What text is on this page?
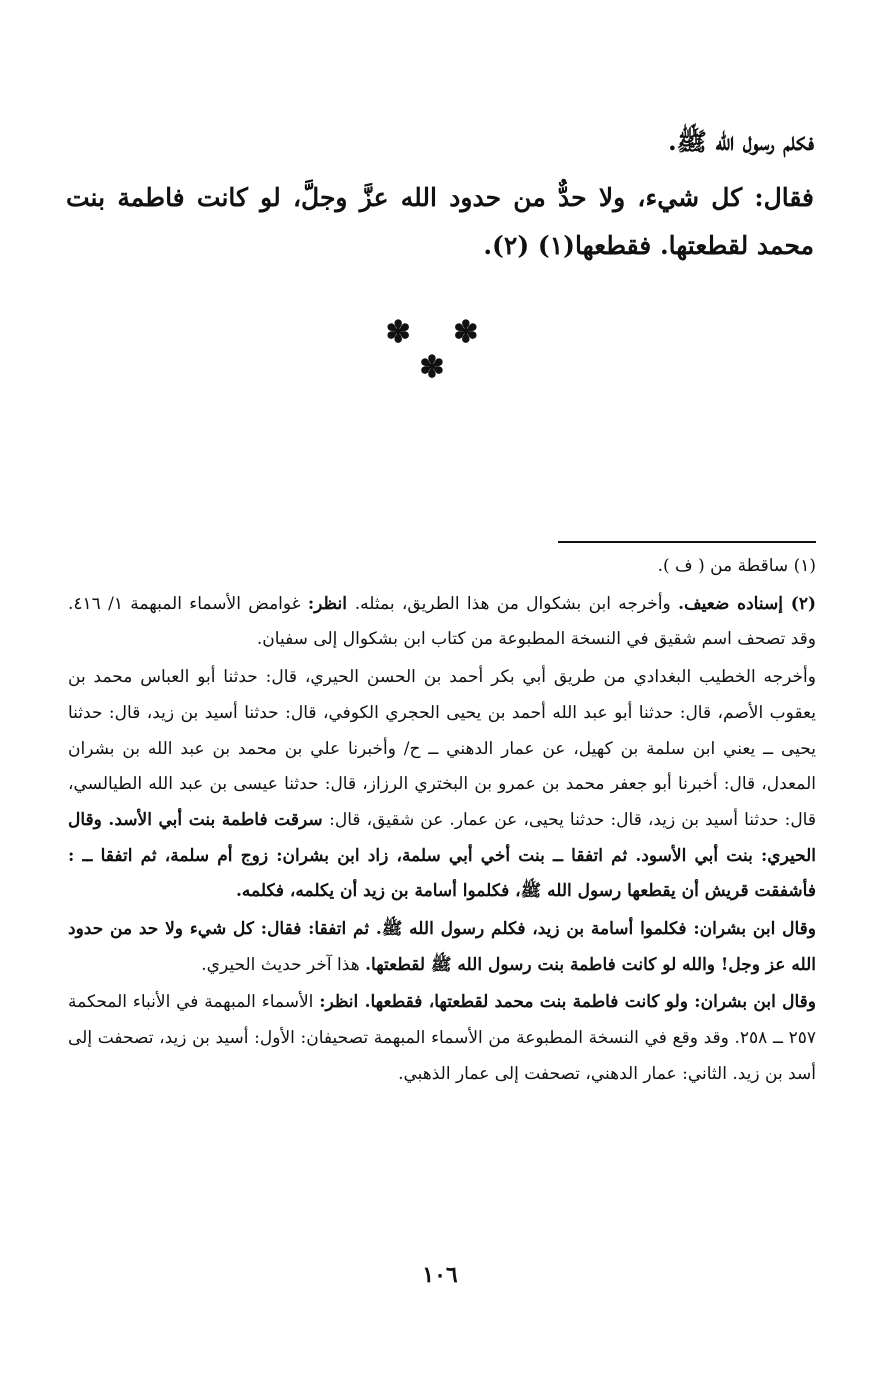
فكلم رسول الله ﷺ.

فقال: كل شيء، ولا حدٌّ من حدود الله عزَّ وجلَّ، لو كانت فاطمة بنت محمد لقطعتها. فقطعها(١) (٢).

✽ ✽ ✽

(١) ساقطة من ( ف ).

(٢) إسناده ضعيف. وأخرجه ابن بشكوال من هذا الطريق، بمثله. انظر: غوامض الأسماء المبهمة ١/ ٤١٦. وقد تصحف اسم شقيق في النسخة المطبوعة من كتاب ابن بشكوال إلى سفيان.

وأخرجه الخطيب البغدادي من طريق أبي بكر أحمد بن الحسن الحيري، قال: حدثنا أبو العباس محمد بن يعقوب الأصم، قال: حدثنا أبو عبد الله أحمد بن يحيى الحجري الكوفي، قال: حدثنا أسيد بن زيد، قال: حدثنا يحيى ــ يعني ابن سلمة بن كهيل، عن عمار الدهني ــ ح/ وأخبرنا علي بن محمد بن عبد الله بن بشران المعدل، قال: أخبرنا أبو جعفر محمد بن عمرو بن البختري الرزاز، قال: حدثنا عيسى بن عبد الله الطيالسي، قال: حدثنا أسيد بن زيد، قال: حدثنا يحيى، عن عمار. عن شقيق، قال: سرقت فاطمة بنت أبي الأسد. وقال الحيري: بنت أبي الأسود. ثم اتفقا ــ بنت أخي أبي سلمة، زاد ابن بشران: زوج أم سلمة، ثم اتفقا ــ : فأشفقت قريش أن يقطعها رسول الله ﷺ، فكلموا أسامة بن زيد أن يكلمه، فكلمه.

وقال ابن بشران: فكلموا أسامة بن زيد، فكلم رسول الله ﷺ. ثم اتفقا: فقال: كل شيء ولا حد من حدود الله عز وجل! والله لو كانت فاطمة بنت رسول الله ﷺ لقطعتها. هذا آخر حديث الحيري.

وقال ابن بشران: ولو كانت فاطمة بنت محمد لقطعتها، فقطعها. انظر: الأسماء المبهمة في الأنباء المحكمة ٢٥٧ ــ ٢٥٨. وقد وقع في النسخة المطبوعة من الأسماء المبهمة تصحيفان: الأول: أسيد بن زيد، تصحفت إلى أسد بن زيد. الثاني: عمار الدهني، تصحفت إلى عمار الذهبي.

١٠٦
